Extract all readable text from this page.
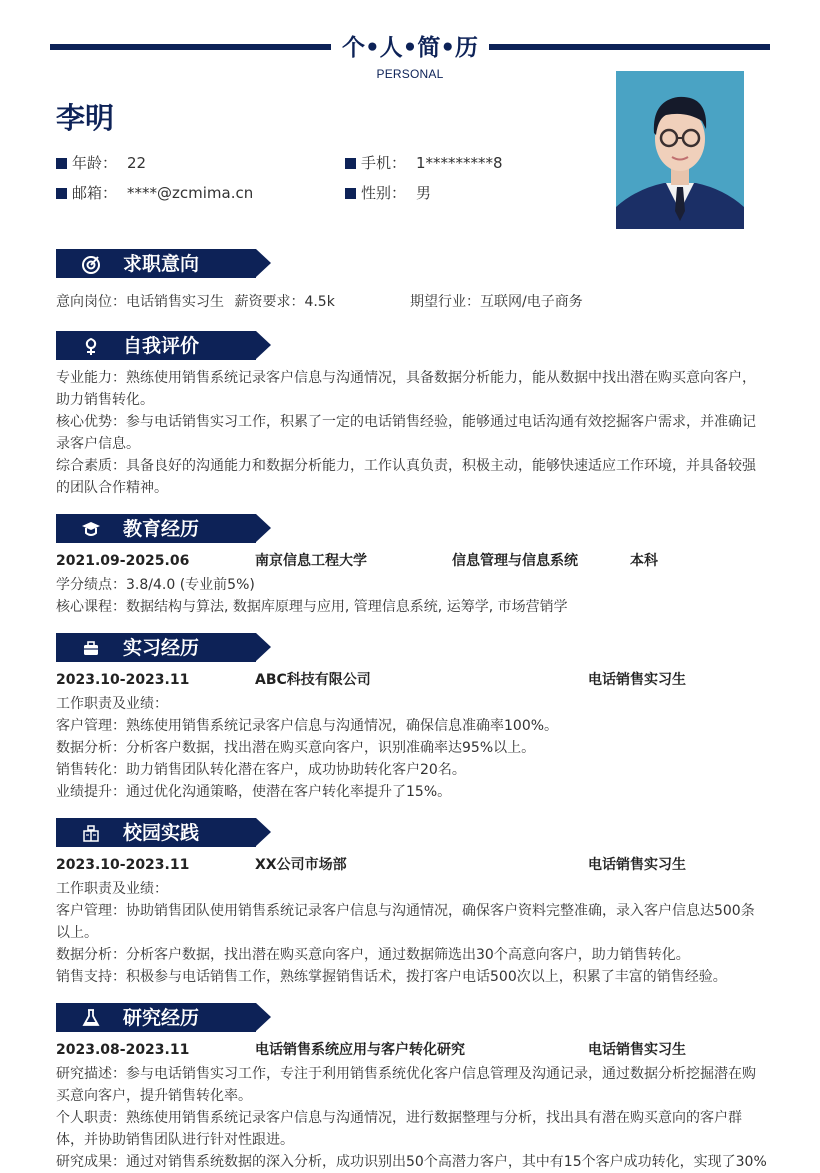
个•人•简•历
PERSONAL
李明
年龄： 22	手机： 1*********8
邮箱： ****@zcmima.cn	性别： 男
求职意向
意向岗位：电话销售实习生 薪资要求：4.5k	期望行业：互联网/电子商务
自我评价
专业能力：熟练使用销售系统记录客户信息与沟通情况，具备数据分析能力，能从数据中找出潜在购买意向客户，助力销售转化。
核心优势：参与电话销售实习工作，积累了一定的电话销售经验，能够通过电话沟通有效挖掘客户需求，并准确记录客户信息。
综合素质：具备良好的沟通能力和数据分析能力，工作认真负责，积极主动，能够快速适应工作环境，并具备较强的团队合作精神。
教育经历
2021.09-2025.06	南京信息工程大学	信息管理与信息系统	本科
学分绩点：3.8/4.0 (专业前5%)
核心课程：数据结构与算法, 数据库原理与应用, 管理信息系统, 运筹学, 市场营销学
实习经历
2023.10-2023.11	ABC科技有限公司	电话销售实习生
工作职责及业绩：
客户管理：熟练使用销售系统记录客户信息与沟通情况，确保信息准确率100%。
数据分析：分析客户数据，找出潜在购买意向客户，识别准确率达95%以上。
销售转化：助力销售团队转化潜在客户，成功协助转化客户20名。
业绩提升：通过优化沟通策略，使潜在客户转化率提升了15%。
校园实践
2023.10-2023.11	XX公司市场部	电话销售实习生
工作职责及业绩：
客户管理：协助销售团队使用销售系统记录客户信息与沟通情况，确保客户资料完整准确，录入客户信息达500条以上。
数据分析：分析客户数据，找出潜在购买意向客户，通过数据筛选出30个高意向客户，助力销售转化。
销售支持：积极参与电话销售工作，熟练掌握销售话术，拨打客户电话500次以上，积累了丰富的销售经验。
研究经历
2023.08-2023.11	电话销售系统应用与客户转化研究	电话销售实习生
研究描述：参与电话销售实习工作，专注于利用销售系统优化客户信息管理及沟通记录，通过数据分析挖掘潜在购买意向客户，提升销售转化率。
个人职责：熟练使用销售系统记录客户信息与沟通情况，进行数据整理与分析，找出具有潜在购买意向的客户群体，并协助销售团队进行针对性跟进。
研究成果：通过对销售系统数据的深入分析，成功识别出50个高潜力客户，其中有15个客户成功转化，实现了30%
